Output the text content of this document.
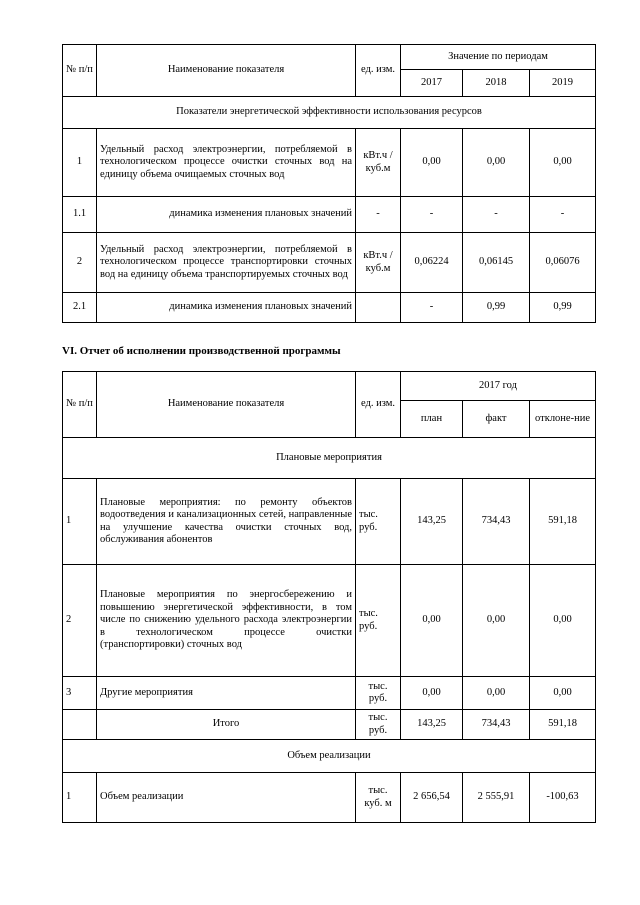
№ п/п	Наименование показателя	ед. изм.	Значение по периодам		
			2017	2018	2019
Показатели энергетической эффективности использования ресурсов					
1	Удельный расход электроэнергии, потребляемой в технологическом процессе очистки сточных вод на единицу объема очищаемых сточных вод	кВт.ч / куб.м	0,00	0,00	0,00
1.1	динамика изменения плановых значений	-	-	-	-
2	Удельный расход электроэнергии, потребляемой в технологическом процессе транспортировки сточных вод на единицу объема транспортируемых сточных вод	кВт.ч / куб.м	0,06224	0,06145	0,06076
2.1	динамика изменения плановых значений		-	0,99	0,99
VI. Отчет об исполнении производственной программы
№ п/п	Наименование показателя	ед. изм.	2017 год		
			план	факт	отклоне-ние
Плановые мероприятия					
1	Плановые мероприятия: по ремонту объектов водоотведения и канализационных сетей, направленные на улучшение качества очистки сточных вод, обслуживания абонентов	тыс. руб.	143,25	734,43	591,18
2	Плановые мероприятия по энергосбережению и повышению энергетической эффективности, в том числе по снижению удельного расхода электроэнергии в технологическом процессе очистки (транспортировки) сточных вод	тыс. руб.	0,00	0,00	0,00
3	Другие мероприятия	тыс. руб.	0,00	0,00	0,00
	Итого	тыс. руб.	143,25	734,43	591,18
Объем реализации					
1	Объем реализации	тыс. куб. м	2 656,54	2 555,91	-100,63
